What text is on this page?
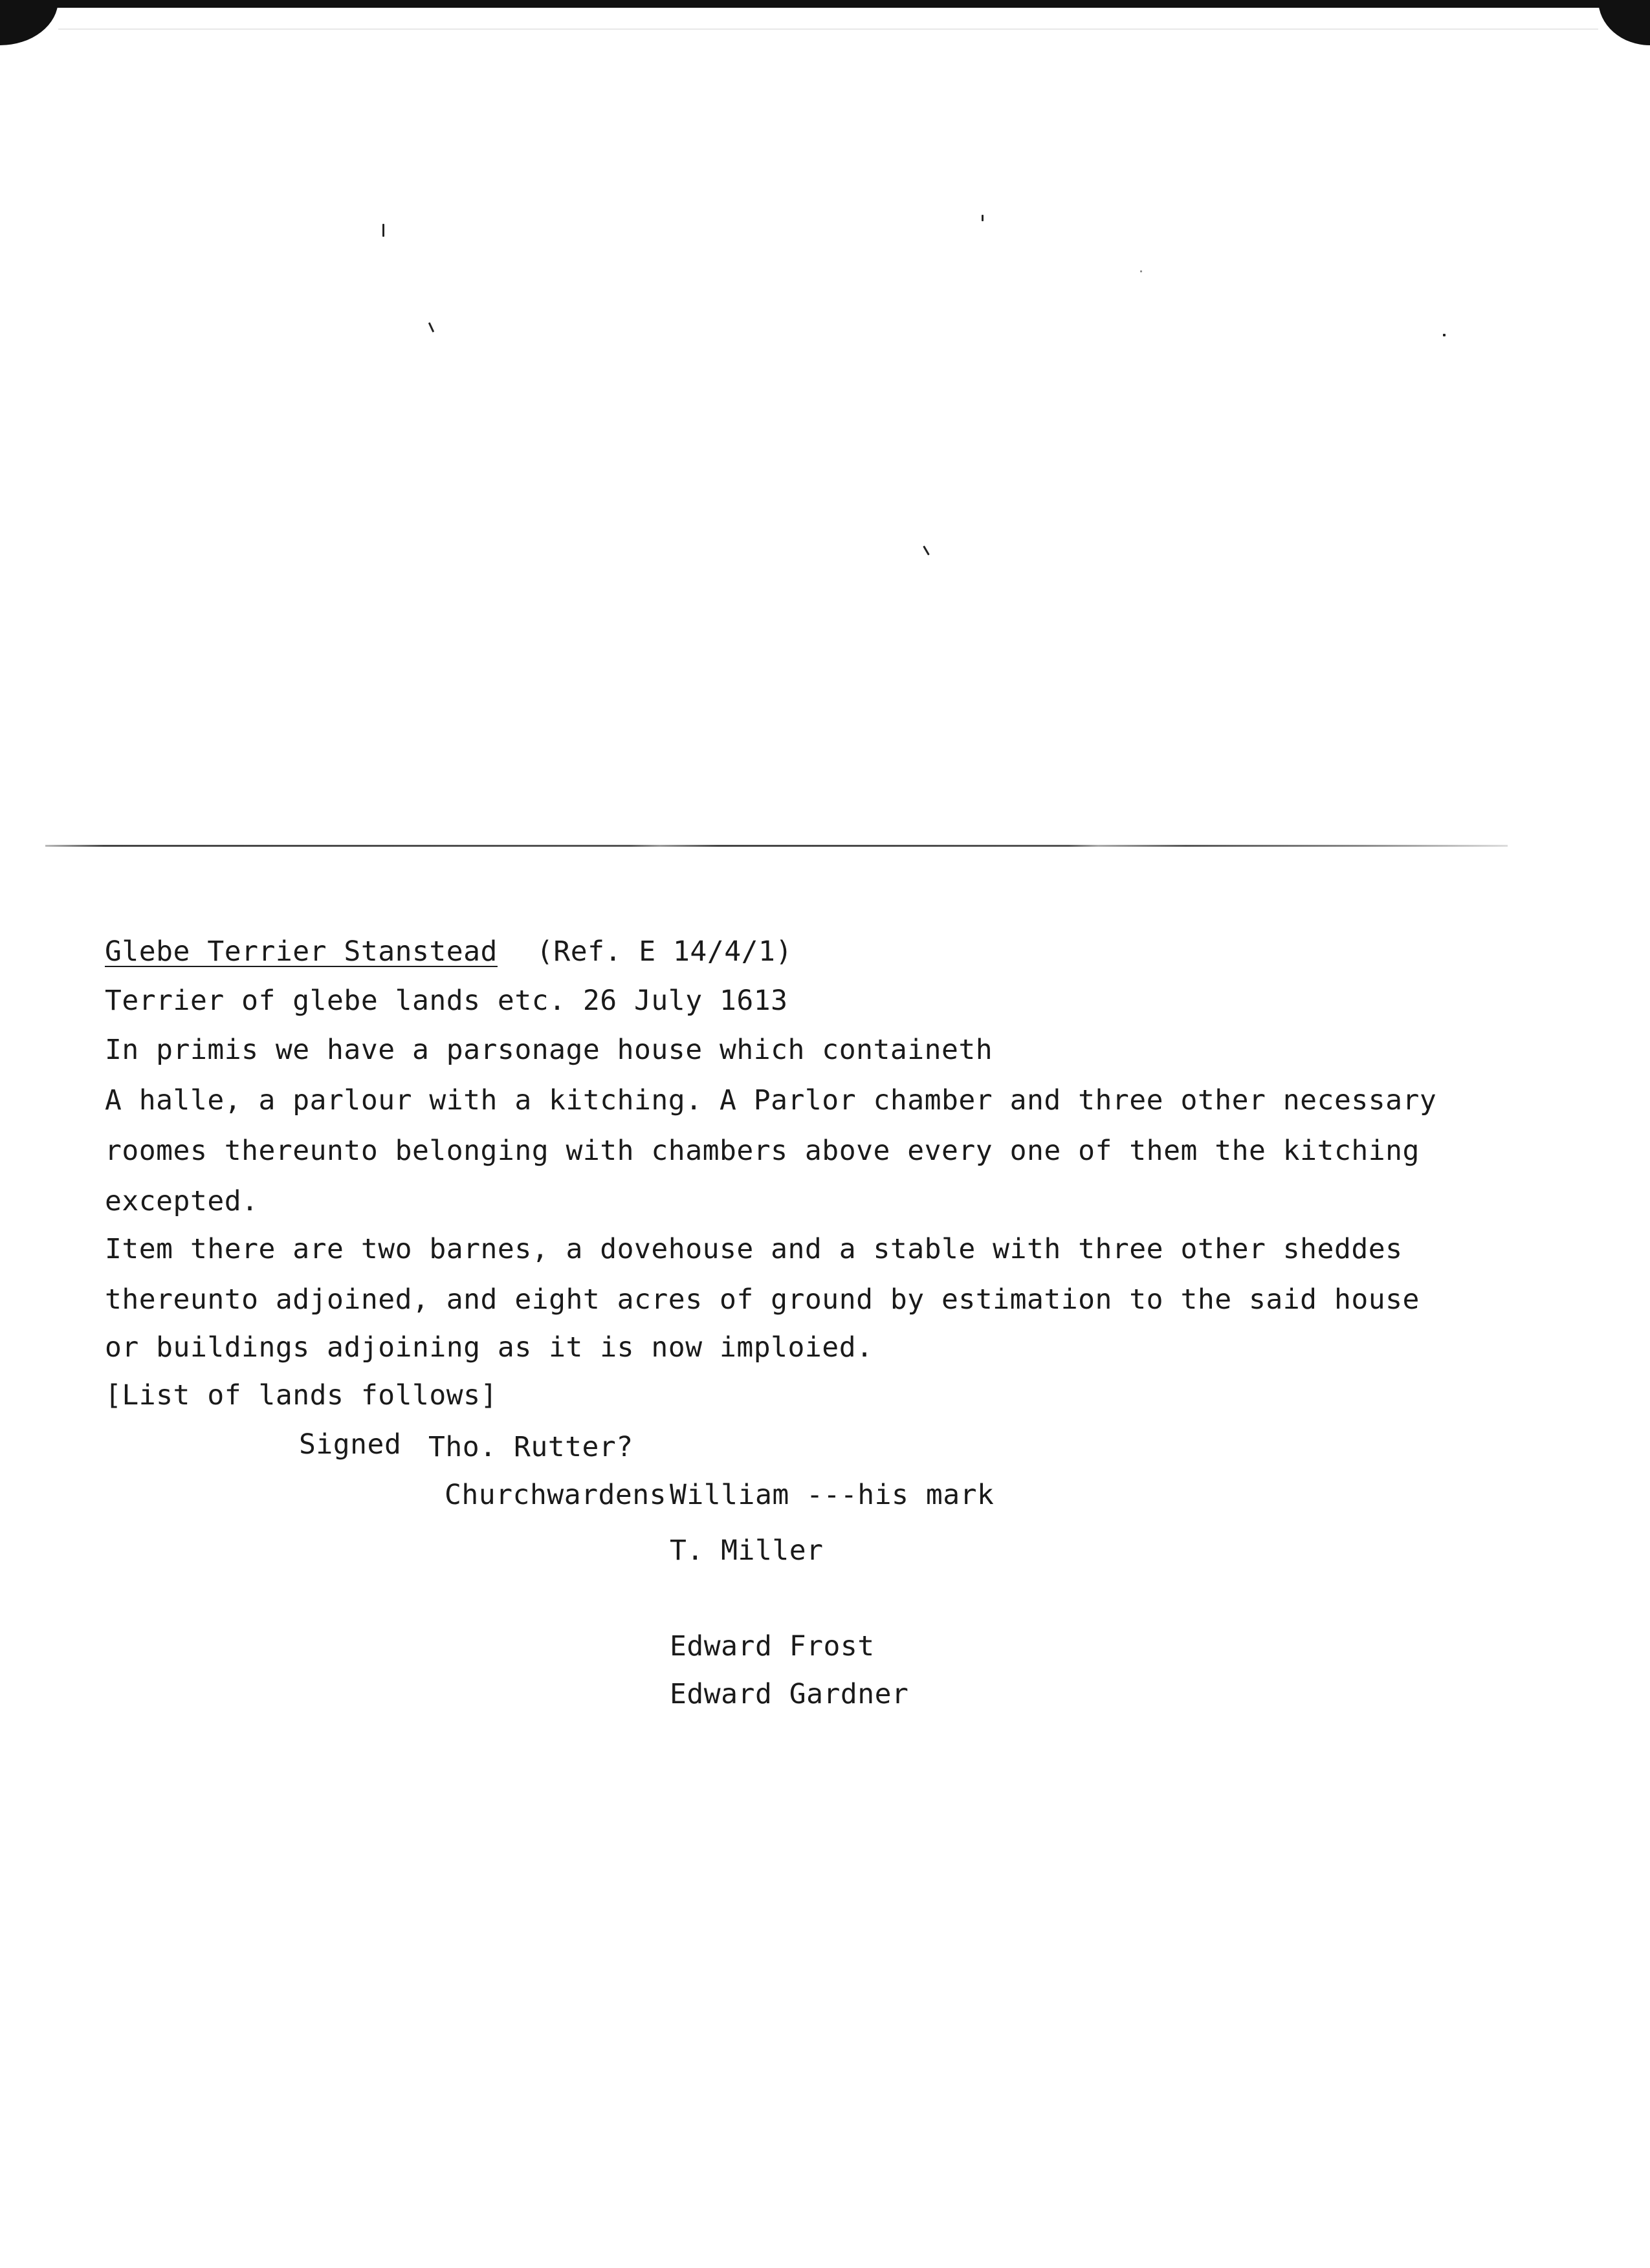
Glebe Terrier Stanstead (Ref. E 14/4/1)
Terrier of glebe lands etc. 26 July 1613
In primis we have a parsonage house which containeth
A halle, a parlour with a kitching. A Parlor chamber and three other necessary
roomes thereunto belonging with chambers above every one of them the kitching
excepted.
Item there are two barnes, a dovehouse and a stable with three other sheddes
thereunto adjoined, and eight acres of ground by estimation to the said house
or buildings adjoining as it is now imploied.
[List of lands follows]
Signed Tho. Rutter?
Churchwardens William ---his mark
T. Miller
Edward Frost
Edward Gardner
